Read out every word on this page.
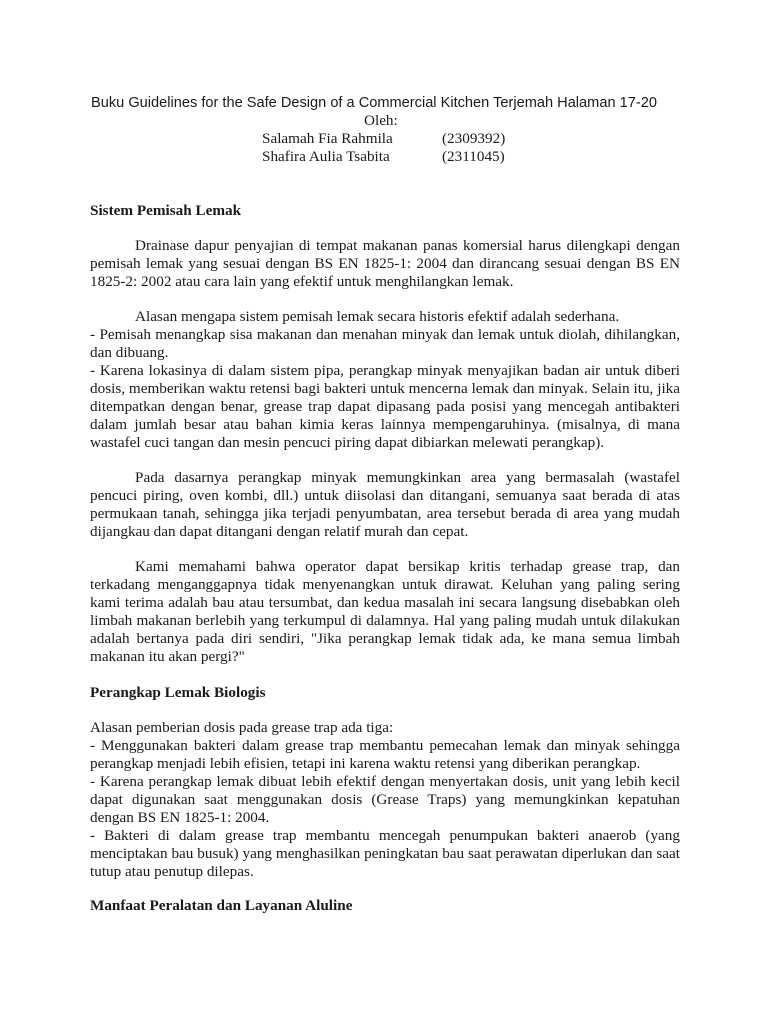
Buku Guidelines for the Safe Design of a Commercial Kitchen Terjemah Halaman 17-20
Oleh:
Salamah Fia Rahmila	(2309392)
Shafira Aulia Tsabita	(2311045)
Sistem Pemisah Lemak
Drainase dapur penyajian di tempat makanan panas komersial harus dilengkapi dengan pemisah lemak yang sesuai dengan BS EN 1825-1: 2004 dan dirancang sesuai dengan BS EN 1825-2: 2002 atau cara lain yang efektif untuk menghilangkan lemak.
Alasan mengapa sistem pemisah lemak secara historis efektif adalah sederhana.
- Pemisah menangkap sisa makanan dan menahan minyak dan lemak untuk diolah, dihilangkan, dan dibuang.
- Karena lokasinya di dalam sistem pipa, perangkap minyak menyajikan badan air untuk diberi dosis, memberikan waktu retensi bagi bakteri untuk mencerna lemak dan minyak. Selain itu, jika ditempatkan dengan benar, grease trap dapat dipasang pada posisi yang mencegah antibakteri dalam jumlah besar atau bahan kimia keras lainnya mempengaruhinya. (misalnya, di mana wastafel cuci tangan dan mesin pencuci piring dapat dibiarkan melewati perangkap).
Pada dasarnya perangkap minyak memungkinkan area yang bermasalah (wastafel pencuci piring, oven kombi, dll.) untuk diisolasi dan ditangani, semuanya saat berada di atas permukaan tanah, sehingga jika terjadi penyumbatan, area tersebut berada di area yang mudah dijangkau dan dapat ditangani dengan relatif murah dan cepat.
Kami memahami bahwa operator dapat bersikap kritis terhadap grease trap, dan terkadang menganggapnya tidak menyenangkan untuk dirawat. Keluhan yang paling sering kami terima adalah bau atau tersumbat, dan kedua masalah ini secara langsung disebabkan oleh limbah makanan berlebih yang terkumpul di dalamnya. Hal yang paling mudah untuk dilakukan adalah bertanya pada diri sendiri, "Jika perangkap lemak tidak ada, ke mana semua limbah makanan itu akan pergi?"
Perangkap Lemak Biologis
Alasan pemberian dosis pada grease trap ada tiga:
- Menggunakan bakteri dalam grease trap membantu pemecahan lemak dan minyak sehingga perangkap menjadi lebih efisien, tetapi ini karena waktu retensi yang diberikan perangkap.
- Karena perangkap lemak dibuat lebih efektif dengan menyertakan dosis, unit yang lebih kecil dapat digunakan saat menggunakan dosis (Grease Traps) yang memungkinkan kepatuhan dengan BS EN 1825-1: 2004.
- Bakteri di dalam grease trap membantu mencegah penumpukan bakteri anaerob (yang menciptakan bau busuk) yang menghasilkan peningkatan bau saat perawatan diperlukan dan saat tutup atau penutup dilepas.
Manfaat Peralatan dan Layanan Aluline
